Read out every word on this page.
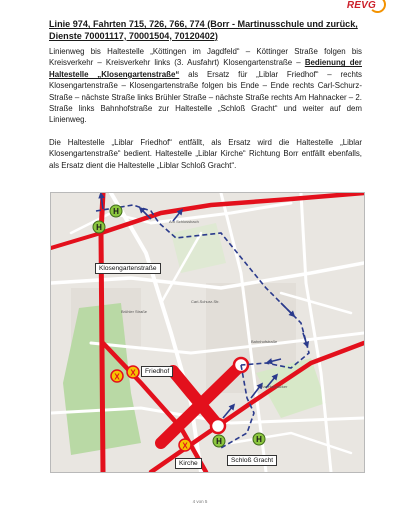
REVG
Linie 974, Fahrten 715, 726, 766, 774 (Borr - Martinusschule und zurück, Dienste 70001117, 70001504, 70120402)
Linienweg bis Haltestelle „Köttingen im Jagdfeld“ – Köttinger Straße folgen bis Kreisverkehr – Kreisverkehr links (3. Ausfahrt) Klosengartenstraße – Bedienung der Haltestelle „Klosengartenstraße“ als Ersatz für „Liblar Friedhof“ – rechts Klosengartenstraße – Klosengartenstraße folgen bis Ende – Ende rechts Carl-Schurz-Straße – nächste Straße links Brühler Straße – nächste Straße rechts Am Hahnacker – 2. Straße links Bahnhofstraße zur Haltestelle „Schloß Gracht“ und weiter auf dem Linienweg.
Die Haltestelle „Liblar Friedhof“ entfällt, als Ersatz wird die Haltestelle „Liblar Klosengartenstraße“ bedient. Haltestelle „Liblar Kirche“ Richtung Borr entfällt ebenfalls, als Ersatz dient die Haltestelle „Liblar Schloß Gracht“.
Am Schlossbach
Bahnhofstraße
Am Hahnacker
Carl-Schurz-Str.
Brühler Straße
H
H
H	H
X X
X
Klosengartenstraße
Friedhof
Kirche	Schloß Gracht
4 von 5
